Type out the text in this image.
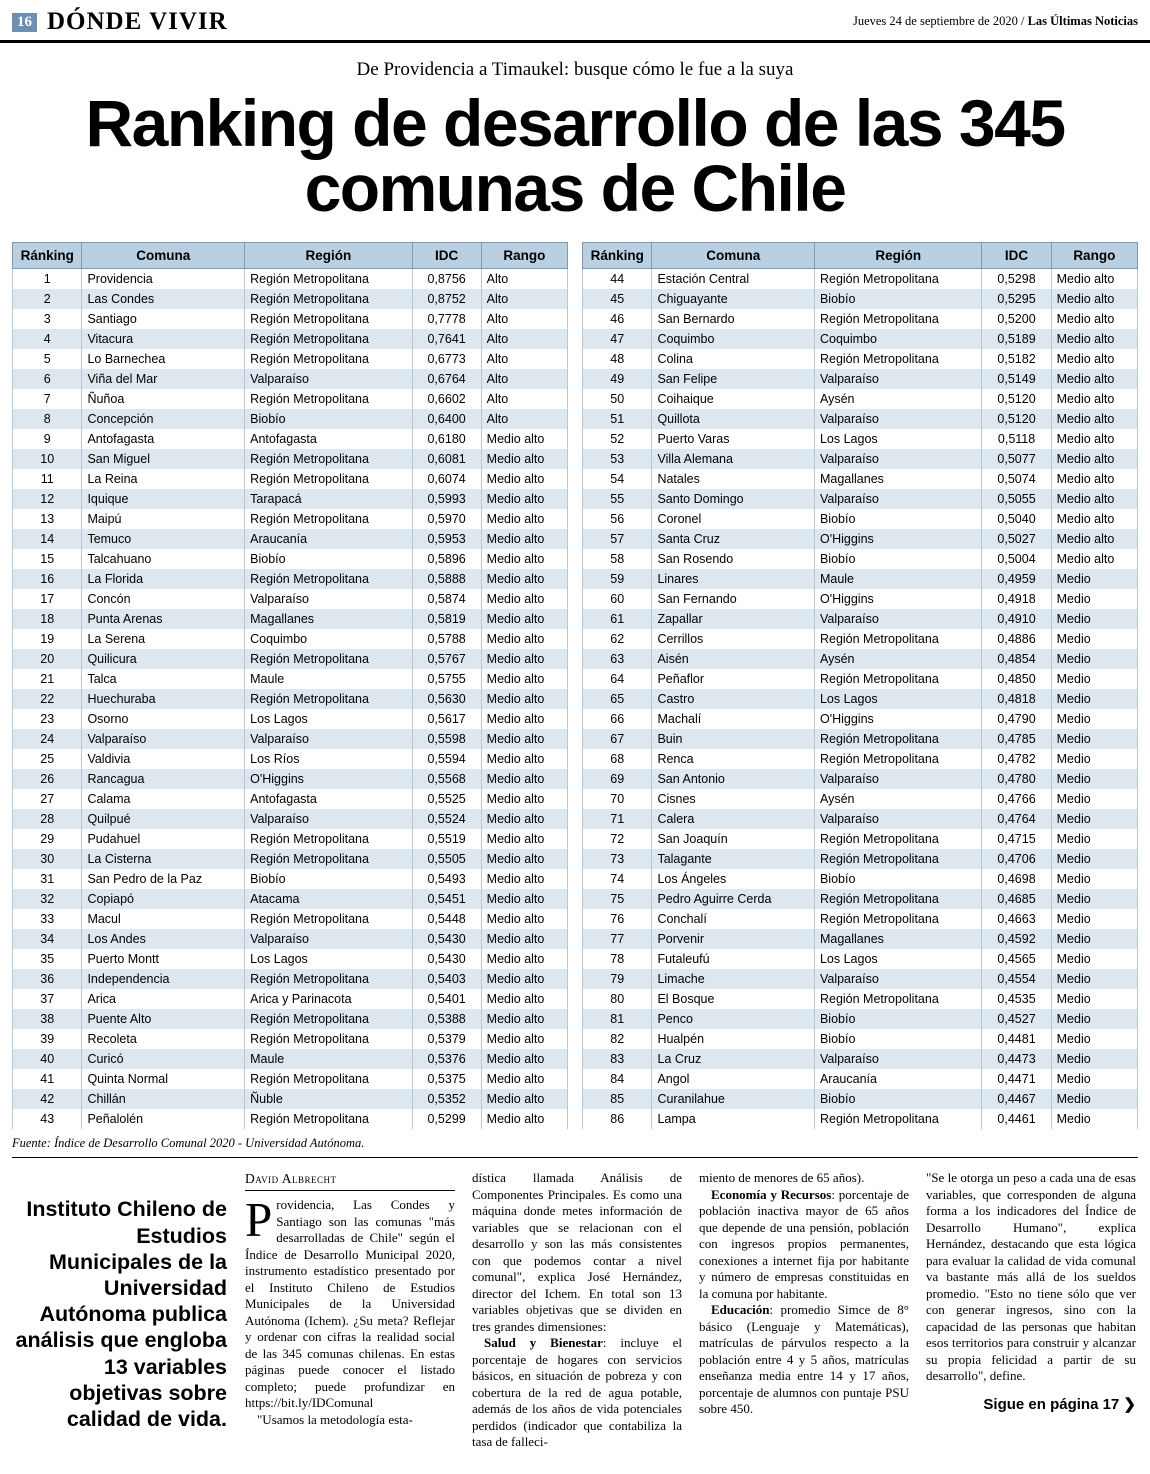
16 DÓNDE VIVIR	Jueves 24 de septiembre de 2020 / Las Últimas Noticias
De Providencia a Timaukel: busque cómo le fue a la suya
Ranking de desarrollo de las 345 comunas de Chile
Ránking	Comuna	Región	IDC	Rango
1	Providencia	Región Metropolitana	0,8756	Alto
2	Las Condes	Región Metropolitana	0,8752	Alto
3	Santiago	Región Metropolitana	0,7778	Alto
4	Vitacura	Región Metropolitana	0,7641	Alto
5	Lo Barnechea	Región Metropolitana	0,6773	Alto
6	Viña del Mar	Valparaíso	0,6764	Alto
7	Ñuñoa	Región Metropolitana	0,6602	Alto
8	Concepción	Biobío	0,6400	Alto
9	Antofagasta	Antofagasta	0,6180	Medio alto
10	San Miguel	Región Metropolitana	0,6081	Medio alto
11	La Reina	Región Metropolitana	0,6074	Medio alto
12	Iquique	Tarapacá	0,5993	Medio alto
13	Maipú	Región Metropolitana	0,5970	Medio alto
14	Temuco	Araucanía	0,5953	Medio alto
15	Talcahuano	Biobío	0,5896	Medio alto
16	La Florida	Región Metropolitana	0,5888	Medio alto
17	Concón	Valparaíso	0,5874	Medio alto
18	Punta Arenas	Magallanes	0,5819	Medio alto
19	La Serena	Coquimbo	0,5788	Medio alto
20	Quilicura	Región Metropolitana	0,5767	Medio alto
21	Talca	Maule	0,5755	Medio alto
22	Huechuraba	Región Metropolitana	0,5630	Medio alto
23	Osorno	Los Lagos	0,5617	Medio alto
24	Valparaíso	Valparaíso	0,5598	Medio alto
25	Valdivia	Los Ríos	0,5594	Medio alto
26	Rancagua	O'Higgins	0,5568	Medio alto
27	Calama	Antofagasta	0,5525	Medio alto
28	Quilpué	Valparaíso	0,5524	Medio alto
29	Pudahuel	Región Metropolitana	0,5519	Medio alto
30	La Cisterna	Región Metropolitana	0,5505	Medio alto
31	San Pedro de la Paz	Biobío	0,5493	Medio alto
32	Copiapó	Atacama	0,5451	Medio alto
33	Macul	Región Metropolitana	0,5448	Medio alto
34	Los Andes	Valparaíso	0,5430	Medio alto
35	Puerto Montt	Los Lagos	0,5430	Medio alto
36	Independencia	Región Metropolitana	0,5403	Medio alto
37	Arica	Arica y Parinacota	0,5401	Medio alto
38	Puente Alto	Región Metropolitana	0,5388	Medio alto
39	Recoleta	Región Metropolitana	0,5379	Medio alto
40	Curicó	Maule	0,5376	Medio alto
41	Quinta Normal	Región Metropolitana	0,5375	Medio alto
42	Chillán	Ñuble	0,5352	Medio alto
43	Peñalolén	Región Metropolitana	0,5299	Medio alto
Ránking	Comuna	Región	IDC	Rango
44	Estación Central	Región Metropolitana	0,5298	Medio alto
45	Chiguayante	Biobío	0,5295	Medio alto
46	San Bernardo	Región Metropolitana	0,5200	Medio alto
47	Coquimbo	Coquimbo	0,5189	Medio alto
48	Colina	Región Metropolitana	0,5182	Medio alto
49	San Felipe	Valparaíso	0,5149	Medio alto
50	Coihaique	Aysén	0,5120	Medio alto
51	Quillota	Valparaíso	0,5120	Medio alto
52	Puerto Varas	Los Lagos	0,5118	Medio alto
53	Villa Alemana	Valparaíso	0,5077	Medio alto
54	Natales	Magallanes	0,5074	Medio alto
55	Santo Domingo	Valparaíso	0,5055	Medio alto
56	Coronel	Biobío	0,5040	Medio alto
57	Santa Cruz	O'Higgins	0,5027	Medio alto
58	San Rosendo	Biobío	0,5004	Medio alto
59	Linares	Maule	0,4959	Medio
60	San Fernando	O'Higgins	0,4918	Medio
61	Zapallar	Valparaíso	0,4910	Medio
62	Cerrillos	Región Metropolitana	0,4886	Medio
63	Aisén	Aysén	0,4854	Medio
64	Peñaflor	Región Metropolitana	0,4850	Medio
65	Castro	Los Lagos	0,4818	Medio
66	Machalí	O'Higgins	0,4790	Medio
67	Buin	Región Metropolitana	0,4785	Medio
68	Renca	Región Metropolitana	0,4782	Medio
69	San Antonio	Valparaíso	0,4780	Medio
70	Cisnes	Aysén	0,4766	Medio
71	Calera	Valparaíso	0,4764	Medio
72	San Joaquín	Región Metropolitana	0,4715	Medio
73	Talagante	Región Metropolitana	0,4706	Medio
74	Los Ángeles	Biobío	0,4698	Medio
75	Pedro Aguirre Cerda	Región Metropolitana	0,4685	Medio
76	Conchalí	Región Metropolitana	0,4663	Medio
77	Porvenir	Magallanes	0,4592	Medio
78	Futaleufú	Los Lagos	0,4565	Medio
79	Limache	Valparaíso	0,4554	Medio
80	El Bosque	Región Metropolitana	0,4535	Medio
81	Penco	Biobío	0,4527	Medio
82	Hualpén	Biobío	0,4481	Medio
83	La Cruz	Valparaíso	0,4473	Medio
84	Angol	Araucanía	0,4471	Medio
85	Curanilahue	Biobío	0,4467	Medio
86	Lampa	Región Metropolitana	0,4461	Medio
Fuente: Índice de Desarrollo Comunal 2020 - Universidad Autónoma.
Instituto Chileno de Estudios Municipales de la Universidad Autónoma publica análisis que engloba 13 variables objetivas sobre calidad de vida.
David Albrecht

Providencia, Las Condes y Santiago son las comunas "más desarrolladas de Chile" según el Índice de Desarrollo Municipal 2020, instrumento estadístico presentado por el Instituto Chileno de Estudios Municipales de la Universidad Autónoma (Ichem). ¿Su meta? Reflejar y ordenar con cifras la realidad social de las 345 comunas chilenas. En estas páginas puede conocer el listado completo; puede profundizar en https://bit.ly/IDComunal

"Usamos la metodología esta-

dística llamada Análisis de Componentes Principales. Es como una máquina donde metes información de variables que se relacionan con el desarrollo y son las más consistentes con que podemos contar a nivel comunal", explica José Hernández, director del Ichem. En total son 13 variables objetivas que se dividen en tres grandes dimensiones:

Salud y Bienestar: incluye el porcentaje de hogares con servicios básicos, en situación de pobreza y con cobertura de la red de agua potable, además de los años de vida potenciales perdidos (indicador que contabiliza la tasa de falleci-

miento de menores de 65 años).

Economía y Recursos: porcentaje de población inactiva mayor de 65 años que depende de una pensión, población con ingresos propios permanentes, conexiones a internet fija por habitante y número de empresas constituidas en la comuna por habitante.

Educación: promedio Simce de 8° básico (Lenguaje y Matemáticas), matrículas de párvulos respecto a la población entre 4 y 5 años, matrículas enseñanza media entre 14 y 17 años, porcentaje de alumnos con puntaje PSU sobre 450.

"Se le otorga un peso a cada una de esas variables, que corresponden de alguna forma a los indicadores del Índice de Desarrollo Humano", explica Hernández, destacando que esta lógica para evaluar la calidad de vida comunal va bastante más allá de los sueldos promedio. "Esto no tiene sólo que ver con generar ingresos, sino con la capacidad de las personas que habitan esos territorios para construir y alcanzar su propia felicidad a partir de su desarrollo", define.

Sigue en página 17 ❯
